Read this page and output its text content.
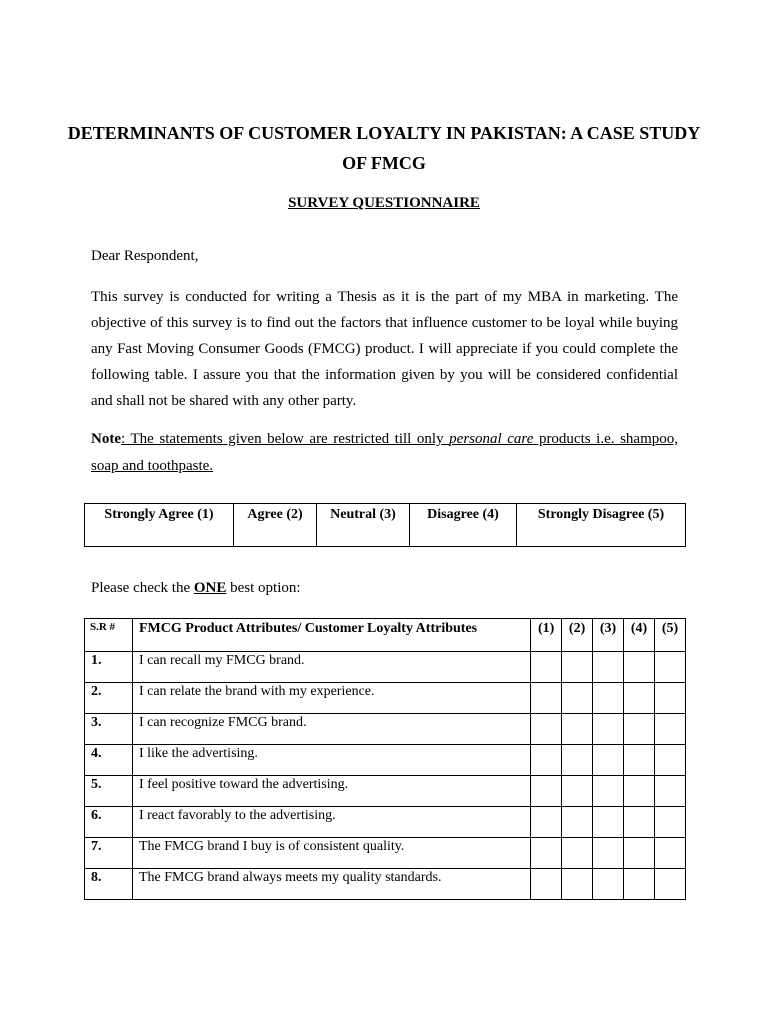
DETERMINANTS OF CUSTOMER LOYALTY IN PAKISTAN: A CASE STUDY OF FMCG
SURVEY QUESTIONNAIRE
Dear Respondent,

This survey is conducted for writing a Thesis as it is the part of my MBA in marketing. The objective of this survey is to find out the factors that influence customer to be loyal while buying any Fast Moving Consumer Goods (FMCG) product. I will appreciate if you could complete the following table. I assure you that the information given by you will be considered confidential and shall not be shared with any other party.

Note: The statements given below are restricted till only personal care products i.e. shampoo, soap and toothpaste.

Strongly Agree (1)	Agree (2)	Neutral (3)	Disagree (4)	Strongly Disagree (5)
Please check the ONE best option:
S.R #	FMCG Product Attributes/ Customer Loyalty Attributes	(1)	(2)	(3)	(4)	(5)
1.	I can recall my FMCG brand.					
2.	I can relate the brand with my experience.					
3.	I can recognize FMCG brand.					
4.	I like the advertising.					
5.	I feel positive toward the advertising.					
6.	I react favorably to the advertising.					
7.	The FMCG brand I buy is of consistent quality.					
8.	The FMCG brand always meets my quality standards.					
